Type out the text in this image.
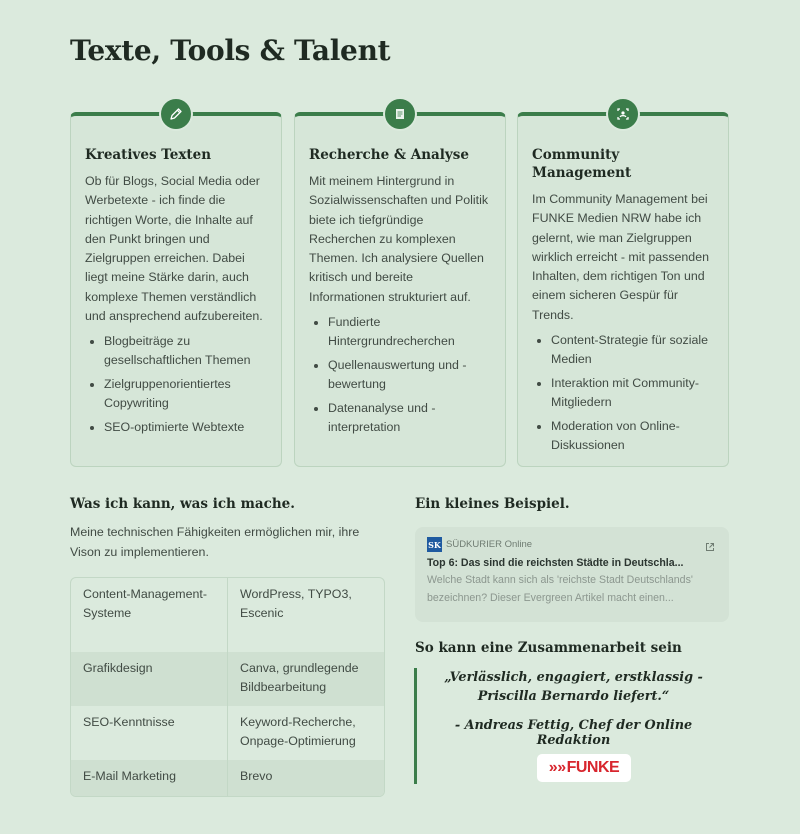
Texte, Tools & Talent
Kreatives Texten
Ob für Blogs, Social Media oder Werbetexte - ich finde die richtigen Worte, die Inhalte auf den Punkt bringen und Zielgruppen erreichen. Dabei liegt meine Stärke darin, auch komplexe Themen verständlich und ansprechend aufzubereiten.
Blogbeiträge zu gesellschaftlichen Themen
Zielgruppenorientiertes Copywriting
SEO-optimierte Webtexte
Recherche & Analyse
Mit meinem Hintergrund in Sozialwissenschaften und Politik biete ich tiefgründige Recherchen zu komplexen Themen. Ich analysiere Quellen kritisch und bereite Informationen strukturiert auf.
Fundierte Hintergrundrecherchen
Quellenauswertung und -bewertung
Datenanalyse und -interpretation
Community Management
Im Community Management bei FUNKE Medien NRW habe ich gelernt, wie man Zielgruppen wirklich erreicht - mit passenden Inhalten, dem richtigen Ton und einem sicheren Gespür für Trends.
Content-Strategie für soziale Medien
Interaktion mit Community-Mitgliedern
Moderation von Online-Diskussionen
Was ich kann, was ich mache.
Meine technischen Fähigkeiten ermöglichen mir, ihre Vison zu implementieren.
Content-Management-Systeme	WordPress, TYPO3, Escenic
Grafikdesign	Canva, grundlegende Bildbearbeitung
SEO-Kenntnisse	Keyword-Recherche, Onpage-Optimierung
E-Mail Marketing	Brevo
Ein kleines Beispiel.
SK SÜDKURIER Online
Top 6: Das sind die reichsten Städte in Deutschla...
Welche Stadt kann sich als 'reichste Stadt Deutschlands' bezeichnen? Dieser Evergreen Artikel macht einen...
So kann eine Zusammenarbeit sein
„Verlässlich, engagiert, erstklassig - Priscilla Bernardo liefert.“
- Andreas Fettig, Chef der Online Redaktion
»» FUNKE
